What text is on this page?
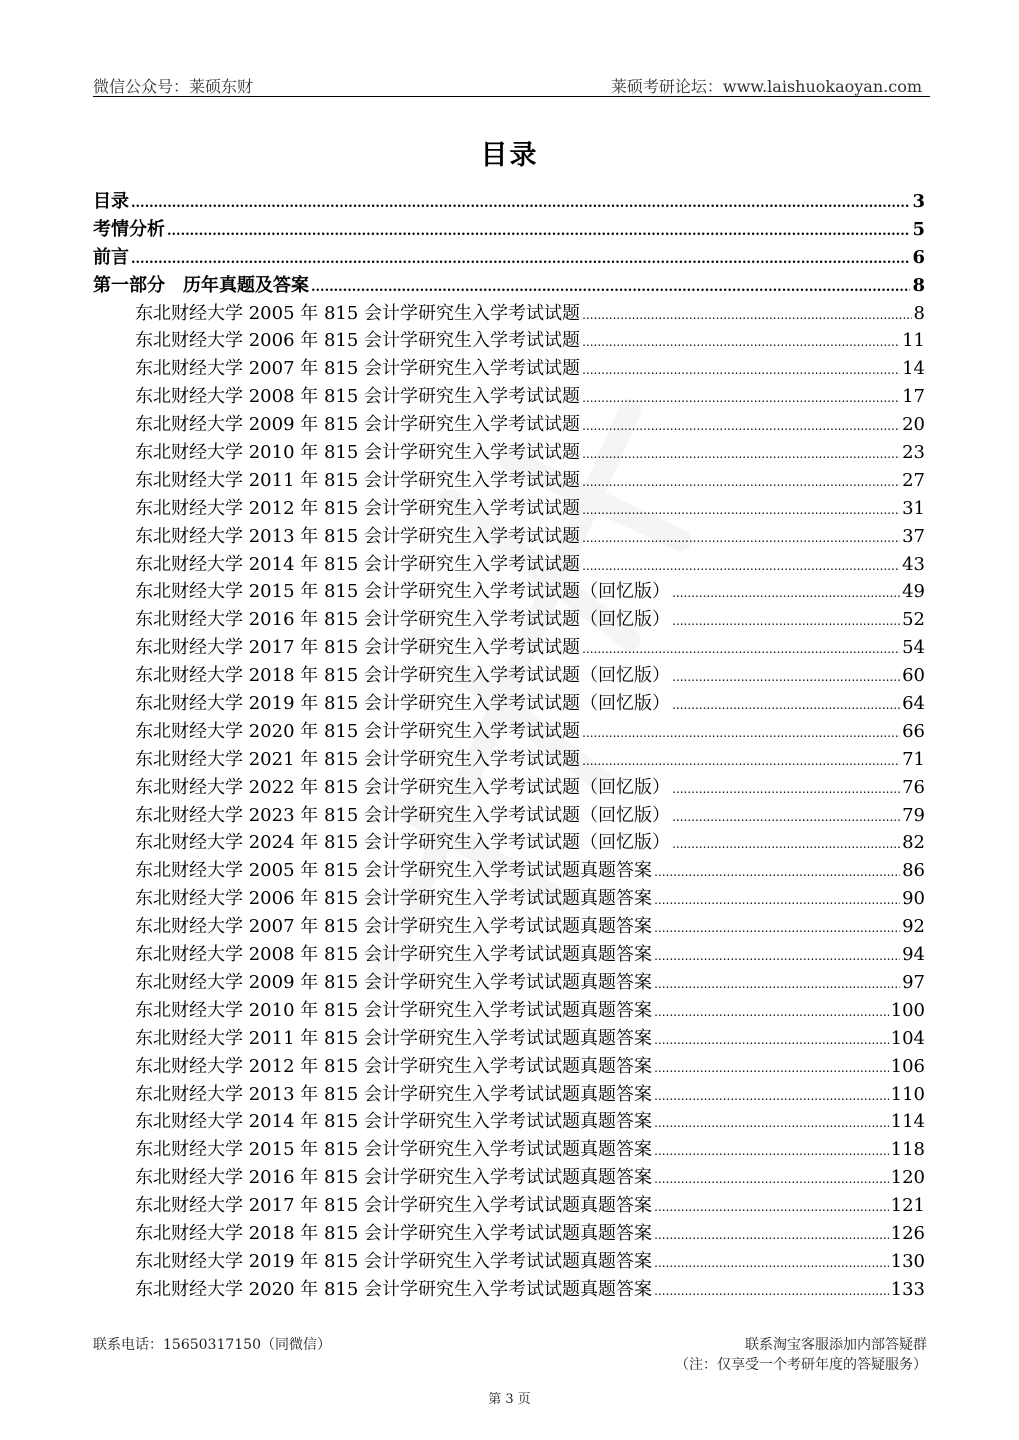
微信公众号：莱硕东财	莱硕考研论坛：www.laishuokaoyan.com
目录
目录 .....	3
考情分析 .....	5
前言 .....	6
第一部分　历年真题及答案 .....	8
东北财经大学 2005 年 815 会计学研究生入学考试试题 .....	8
东北财经大学 2006 年 815 会计学研究生入学考试试题 .....	11
东北财经大学 2007 年 815 会计学研究生入学考试试题 .....	14
东北财经大学 2008 年 815 会计学研究生入学考试试题 .....	17
东北财经大学 2009 年 815 会计学研究生入学考试试题 .....	20
东北财经大学 2010 年 815 会计学研究生入学考试试题 .....	23
东北财经大学 2011 年 815 会计学研究生入学考试试题 .....	27
东北财经大学 2012 年 815 会计学研究生入学考试试题 .....	31
东北财经大学 2013 年 815 会计学研究生入学考试试题 .....	37
东北财经大学 2014 年 815 会计学研究生入学考试试题 .....	43
东北财经大学 2015 年 815 会计学研究生入学考试试题（回忆版） .....	49
东北财经大学 2016 年 815 会计学研究生入学考试试题（回忆版） .....	52
东北财经大学 2017 年 815 会计学研究生入学考试试题 .....	54
东北财经大学 2018 年 815 会计学研究生入学考试试题（回忆版） .....	60
东北财经大学 2019 年 815 会计学研究生入学考试试题（回忆版） .....	64
东北财经大学 2020 年 815 会计学研究生入学考试试题 .....	66
东北财经大学 2021 年 815 会计学研究生入学考试试题 .....	71
东北财经大学 2022 年 815 会计学研究生入学考试试题（回忆版） .....	76
东北财经大学 2023 年 815 会计学研究生入学考试试题（回忆版） .....	79
东北财经大学 2024 年 815 会计学研究生入学考试试题（回忆版） .....	82
东北财经大学 2005 年 815 会计学研究生入学考试试题真题答案 .....	86
东北财经大学 2006 年 815 会计学研究生入学考试试题真题答案 .....	90
东北财经大学 2007 年 815 会计学研究生入学考试试题真题答案 .....	92
东北财经大学 2008 年 815 会计学研究生入学考试试题真题答案 .....	94
东北财经大学 2009 年 815 会计学研究生入学考试试题真题答案 .....	97
东北财经大学 2010 年 815 会计学研究生入学考试试题真题答案 .....	100
东北财经大学 2011 年 815 会计学研究生入学考试试题真题答案 .....	104
东北财经大学 2012 年 815 会计学研究生入学考试试题真题答案 .....	106
东北财经大学 2013 年 815 会计学研究生入学考试试题真题答案 .....	110
东北财经大学 2014 年 815 会计学研究生入学考试试题真题答案 .....	114
东北财经大学 2015 年 815 会计学研究生入学考试试题真题答案 .....	118
东北财经大学 2016 年 815 会计学研究生入学考试试题真题答案 .....	120
东北财经大学 2017 年 815 会计学研究生入学考试试题真题答案 .....	121
东北财经大学 2018 年 815 会计学研究生入学考试试题真题答案 .....	126
东北财经大学 2019 年 815 会计学研究生入学考试试题真题答案 .....	130
东北财经大学 2020 年 815 会计学研究生入学考试试题真题答案 .....	133
联系电话：15650317150（同微信）	联系淘宝客服添加内部答疑群
（注：仅享受一个考研年度的答疑服务）
第 3 页
